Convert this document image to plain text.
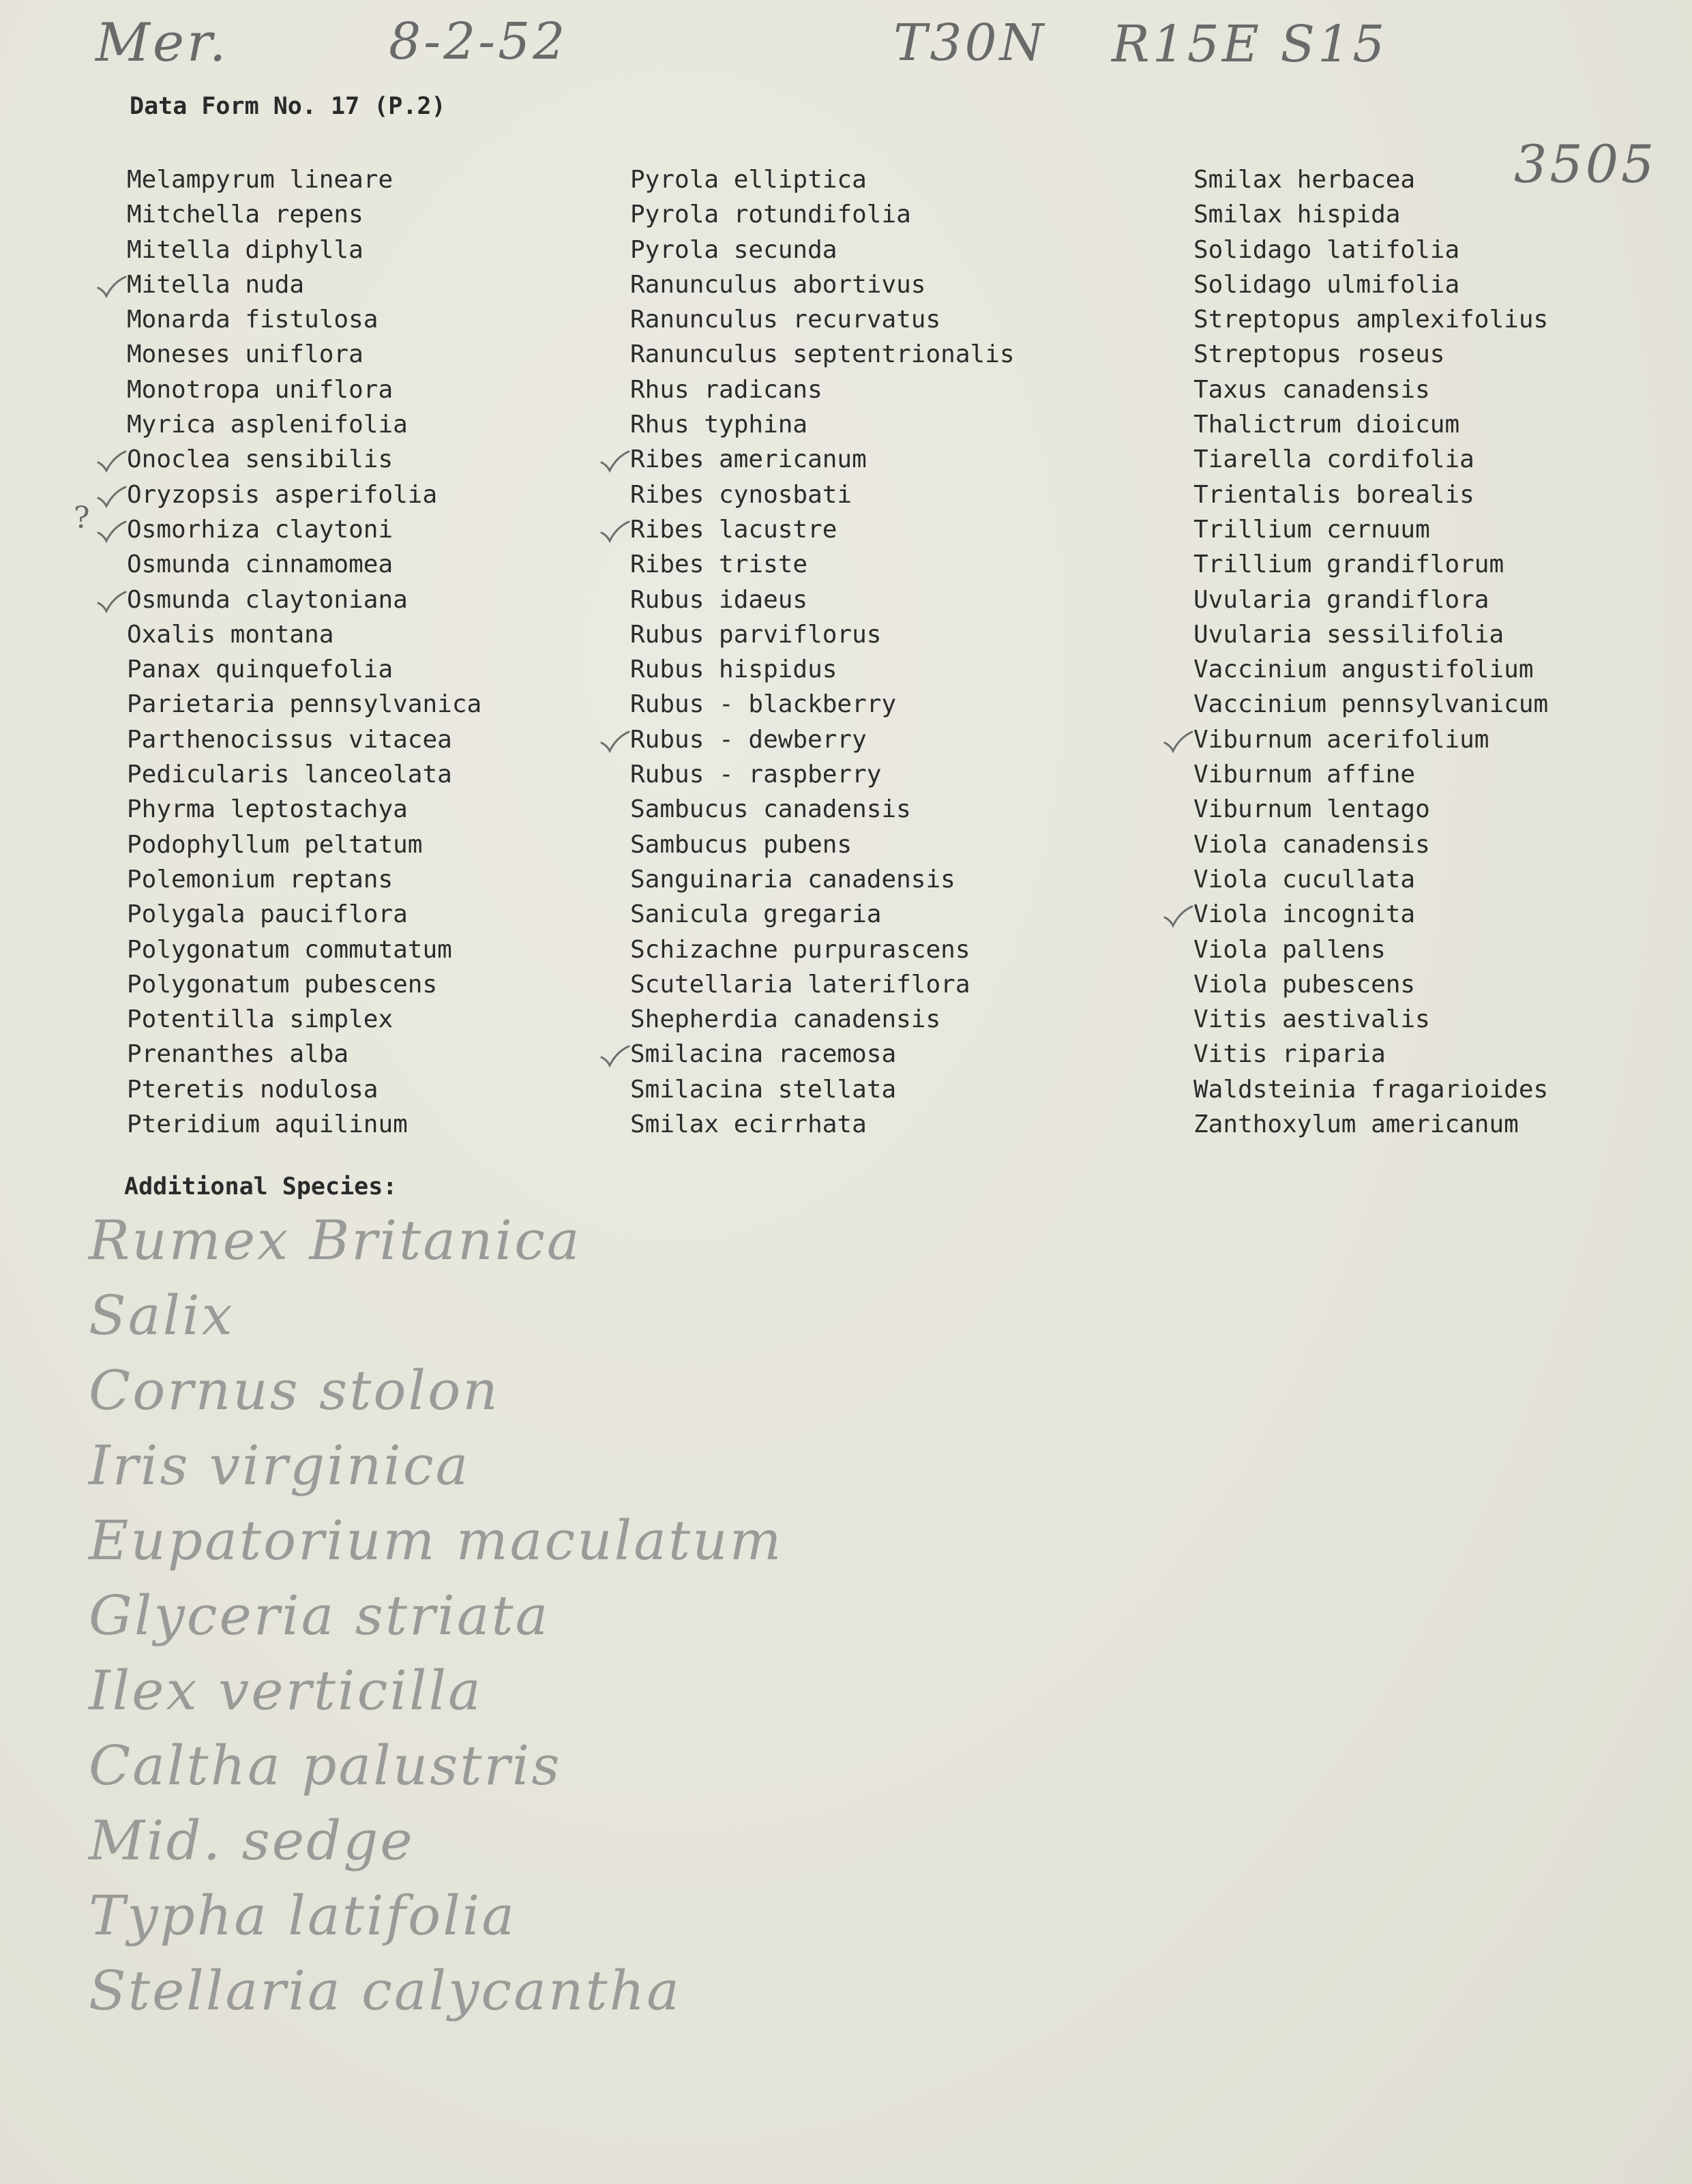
Mer.	8-2-52	T30N R15E S15
3505
Data Form No. 17 (P.2)
?
Melampyrum lineare
Mitchella repens
Mitella diphylla
Mitella nuda
Monarda fistulosa
Moneses uniflora
Monotropa uniflora
Myrica asplenifolia
Onoclea sensibilis
Oryzopsis asperifolia
Osmorhiza claytoni
Osmunda cinnamomea
Osmunda claytoniana
Oxalis montana
Panax quinquefolia
Parietaria pennsylvanica
Parthenocissus vitacea
Pedicularis lanceolata
Phyrma leptostachya
Podophyllum peltatum
Polemonium reptans
Polygala pauciflora
Polygonatum commutatum
Polygonatum pubescens
Potentilla simplex
Prenanthes alba
Pteretis nodulosa
Pteridium aquilinum
Pyrola elliptica
Pyrola rotundifolia
Pyrola secunda
Ranunculus abortivus
Ranunculus recurvatus
Ranunculus septentrionalis
Rhus radicans
Rhus typhina
Ribes americanum
Ribes cynosbati
Ribes lacustre
Ribes triste
Rubus idaeus
Rubus parviflorus
Rubus hispidus
Rubus - blackberry
Rubus - dewberry
Rubus - raspberry
Sambucus canadensis
Sambucus pubens
Sanguinaria canadensis
Sanicula gregaria
Schizachne purpurascens
Scutellaria lateriflora
Shepherdia canadensis
Smilacina racemosa
Smilacina stellata
Smilax ecirrhata
Smilax herbacea
Smilax hispida
Solidago latifolia
Solidago ulmifolia
Streptopus amplexifolius
Streptopus roseus
Taxus canadensis
Thalictrum dioicum
Tiarella cordifolia
Trientalis borealis
Trillium cernuum
Trillium grandiflorum
Uvularia grandiflora
Uvularia sessilifolia
Vaccinium angustifolium
Vaccinium pennsylvanicum
Viburnum acerifolium
Viburnum affine
Viburnum lentago
Viola canadensis
Viola cucullata
Viola incognita
Viola pallens
Viola pubescens
Vitis aestivalis
Vitis riparia
Waldsteinia fragarioides
Zanthoxylum americanum
Additional Species:
Rumex Britanica
Salix
Cornus stolon
Iris virginica
Eupatorium maculatum
Glyceria striata
Ilex verticilla
Caltha palustris
Mid. sedge
Typha latifolia
Stellaria calycantha
